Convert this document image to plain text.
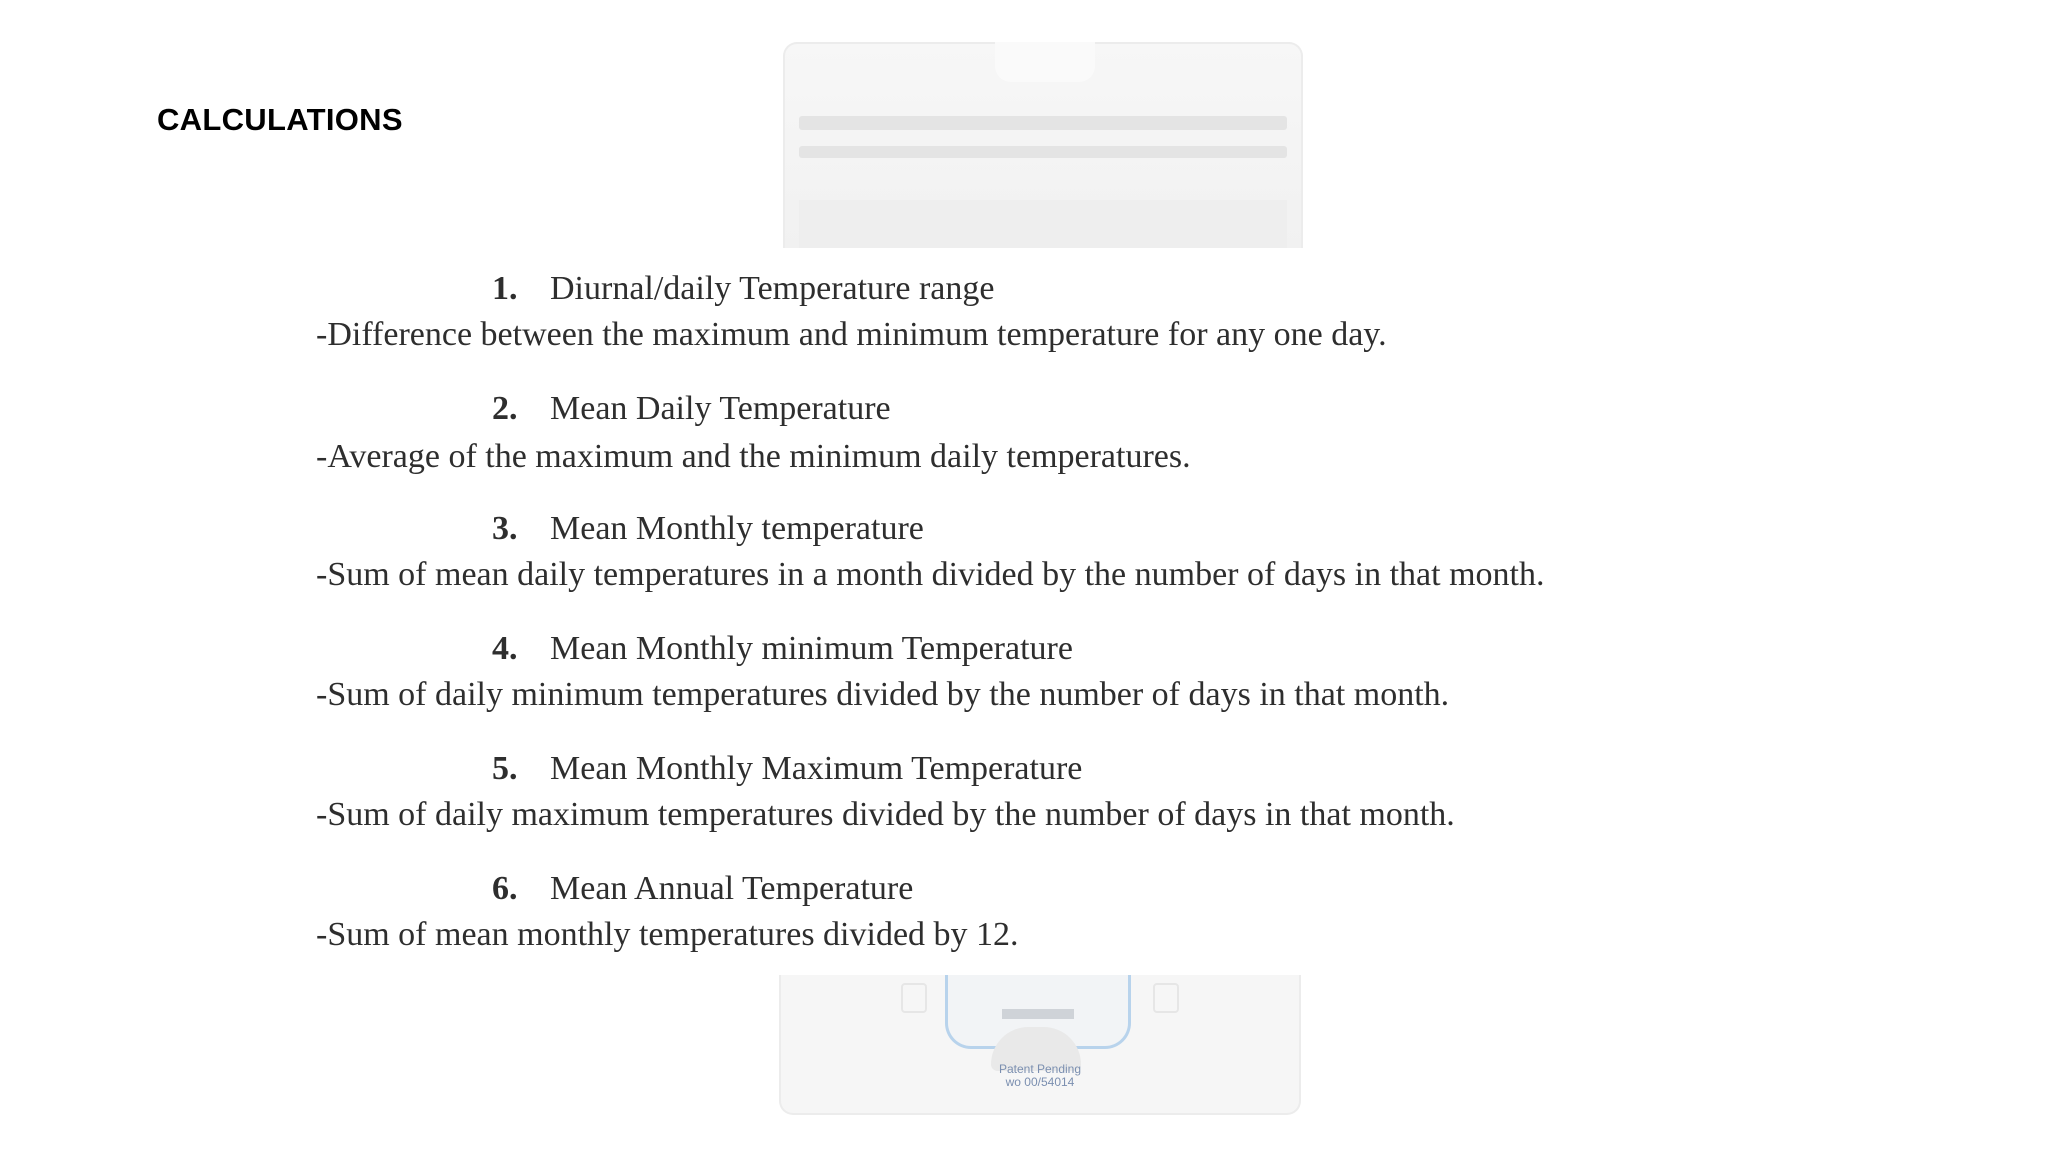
CALCULATIONS
1. Diurnal/daily Temperature range
-Difference between the maximum and minimum temperature for any one day.
2. Mean Daily Temperature
-Average of the maximum and the minimum daily temperatures.
3. Mean Monthly temperature
-Sum of mean daily temperatures in a month divided by the number of days in that month.
4. Mean Monthly minimum Temperature
-Sum of daily minimum temperatures divided by the number of days in that month.
5. Mean Monthly Maximum Temperature
-Sum of daily maximum temperatures divided by the number of days in that month.
6. Mean Annual Temperature
-Sum of mean monthly temperatures divided by 12.
Patent Pending
wo 00/54014
